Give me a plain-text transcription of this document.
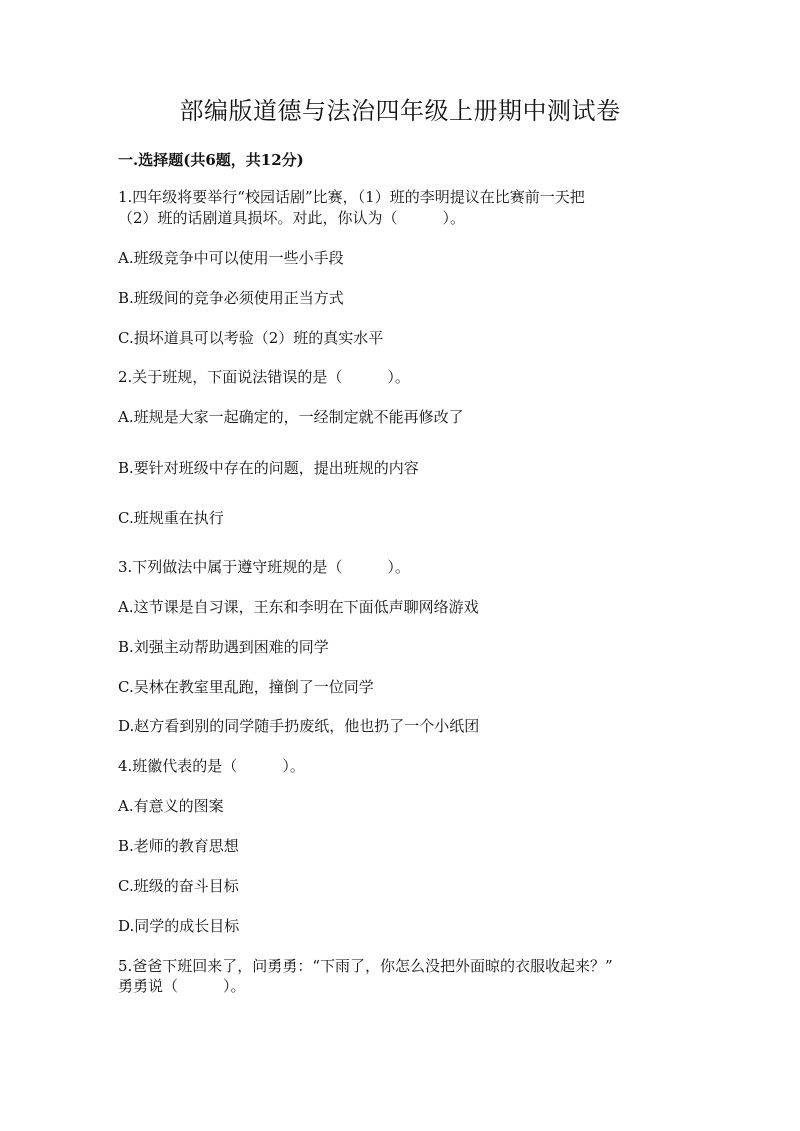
部编版道德与法治四年级上册期中测试卷
一.选择题(共6题，共12分)
1.四年级将要举行“校园话剧”比赛，（1）班的李明提议在比赛前一天把
（2）班的话剧道具损坏。对此，你认为（　　　）。
A.班级竞争中可以使用一些小手段
B.班级间的竞争必须使用正当方式
C.损坏道具可以考验（2）班的真实水平
2.关于班规，下面说法错误的是（　　　）。
A.班规是大家一起确定的，一经制定就不能再修改了
B.要针对班级中存在的问题，提出班规的内容
C.班规重在执行
3.下列做法中属于遵守班规的是（　　　）。
A.这节课是自习课，王东和李明在下面低声聊网络游戏
B.刘强主动帮助遇到困难的同学
C.吴林在教室里乱跑，撞倒了一位同学
D.赵方看到别的同学随手扔废纸，他也扔了一个小纸团
4.班徽代表的是（　　　）。
A.有意义的图案
B.老师的教育思想
C.班级的奋斗目标
D.同学的成长目标
5.爸爸下班回来了，问勇勇：“下雨了，你怎么没把外面晾的衣服收起来？”
勇勇说（　　　）。
